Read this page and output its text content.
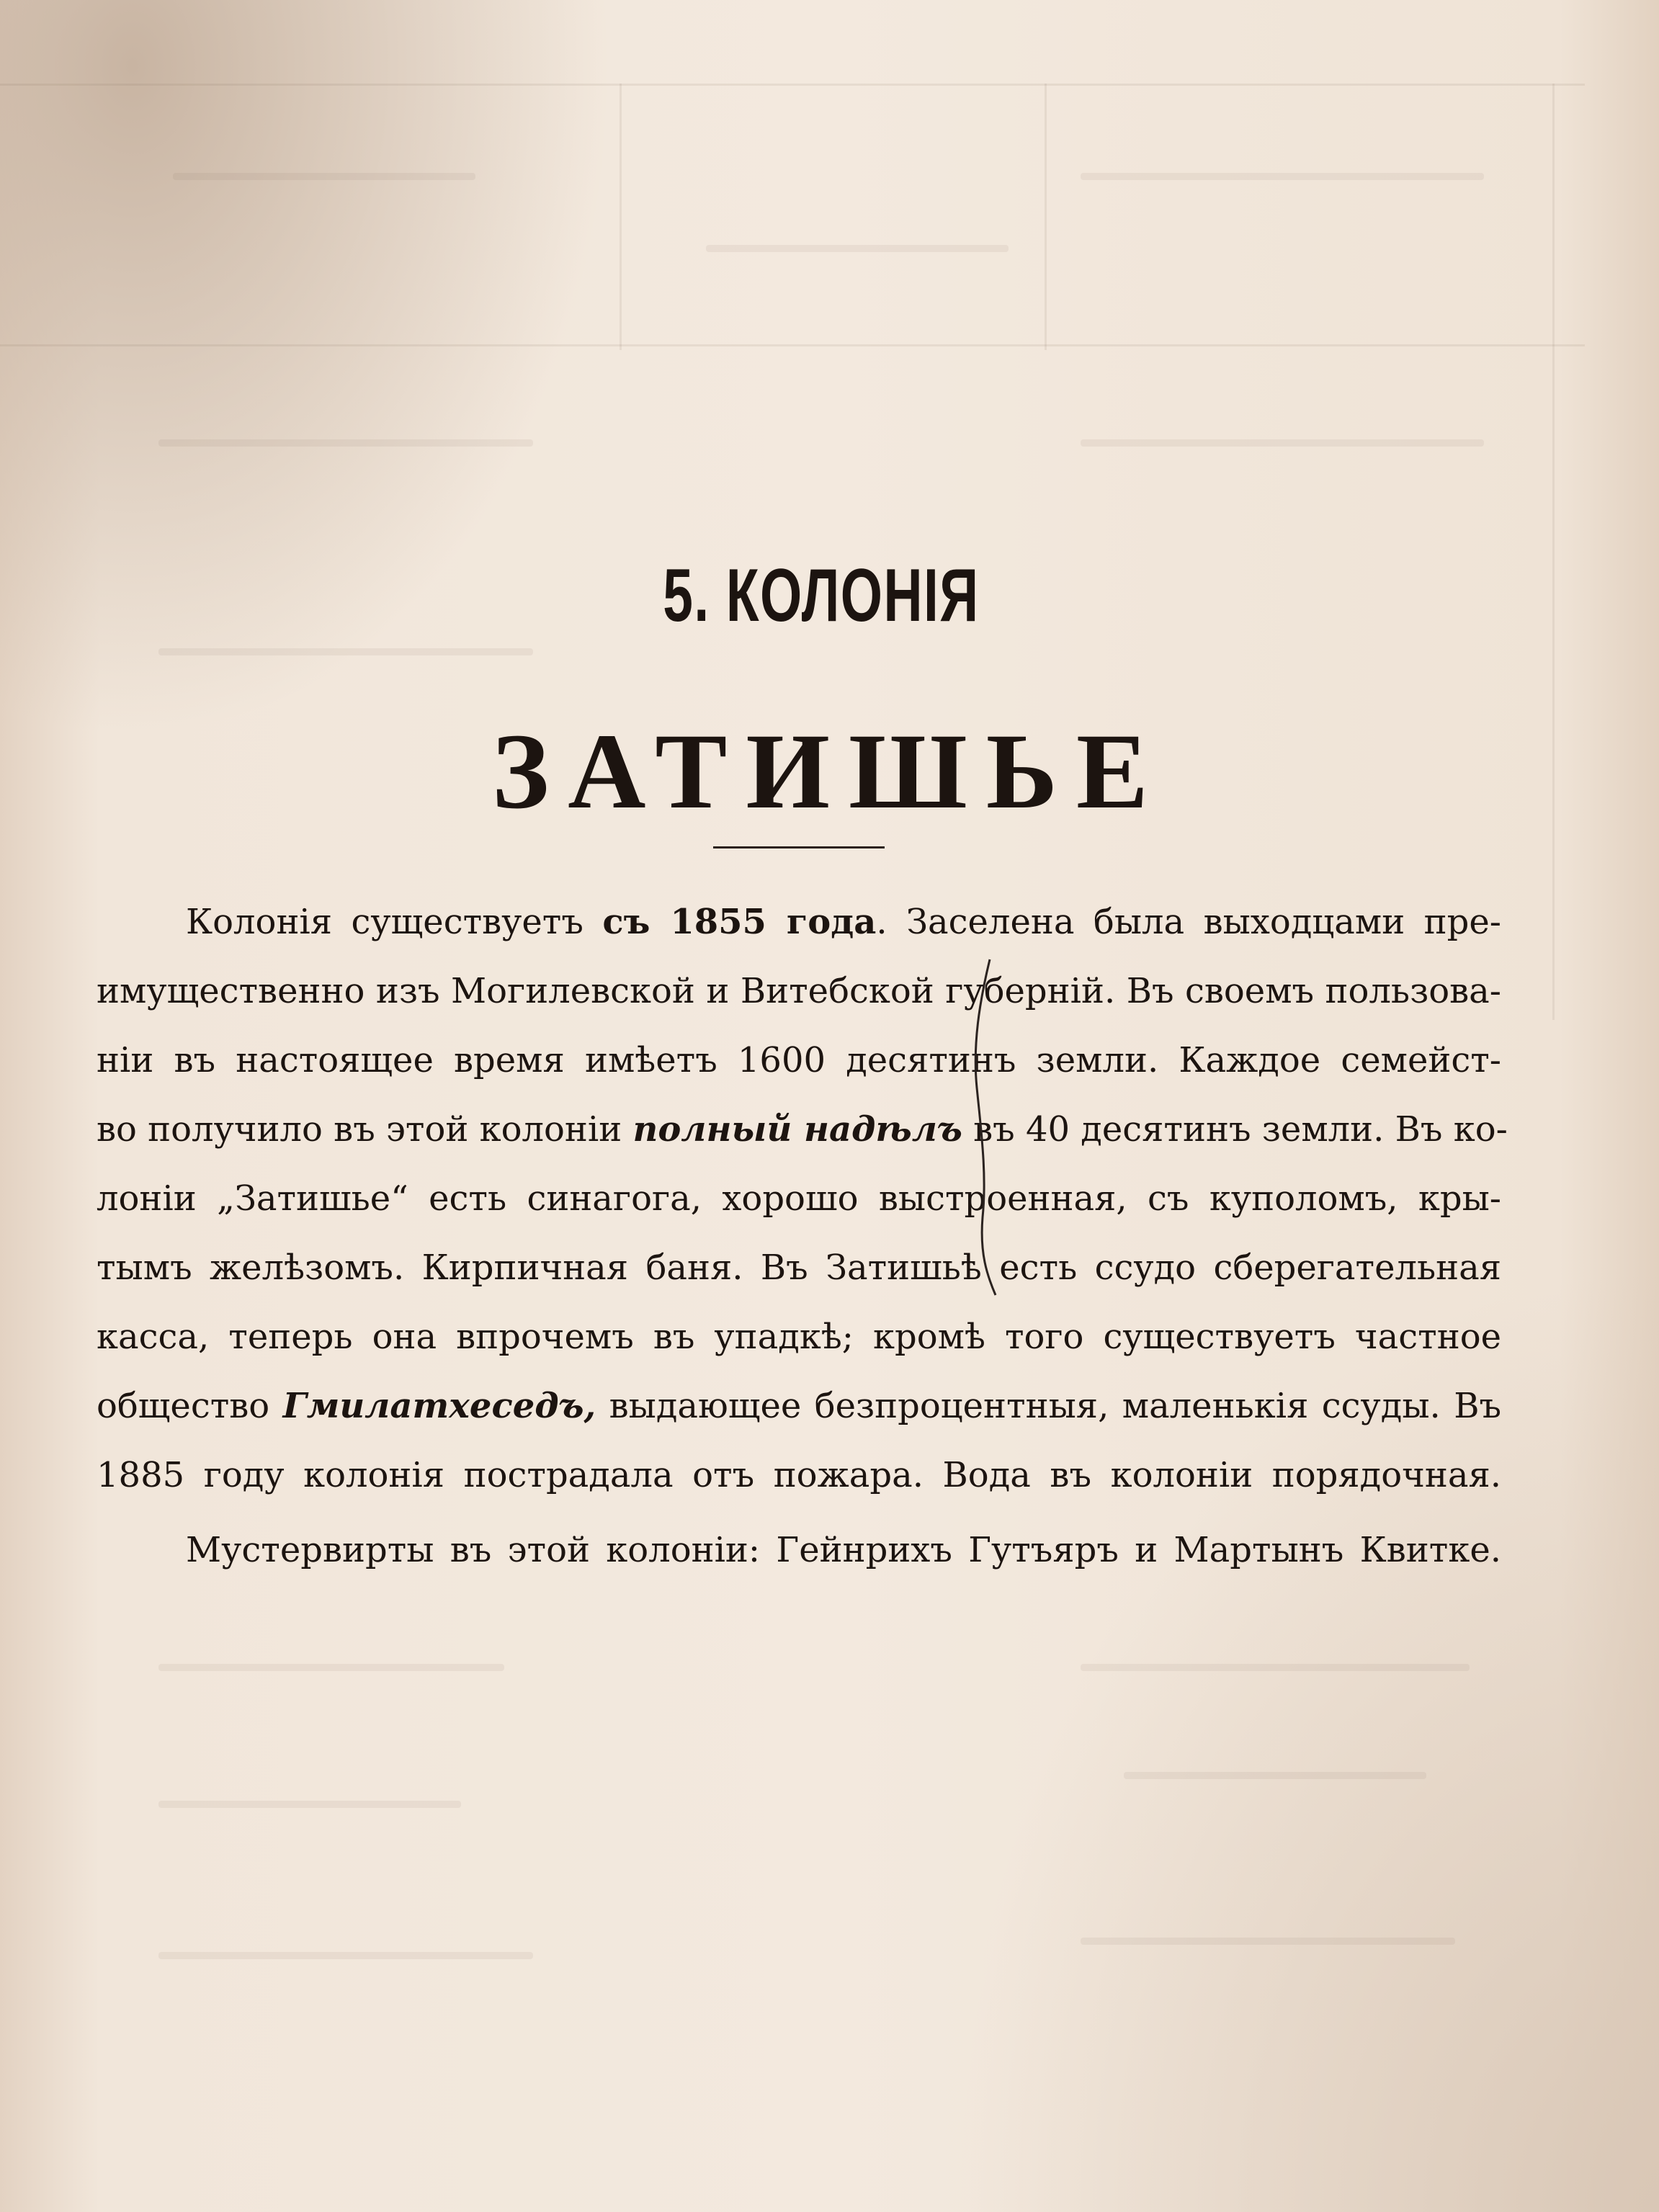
5. КОЛОНІЯ
ЗАТИШЬЕ
Колонія существуетъ съ 1855 года. Заселена была выходцами пре-
имущественно изъ Могилевской и Витебской губерній. Въ своемъ пользова-
ніи въ настоящее время имѣетъ 1600 десятинъ земли. Каждое семейст-
во получило въ этой колоніи полный надѣлъ въ 40 десятинъ земли. Въ ко-
лоніи „Затишье“ есть синагога, хорошо выстроенная, съ куполомъ, кры-
тымъ желѣзомъ. Кирпичная баня. Въ Затишьѣ есть ссудо сберегательная
касса, теперь она впрочемъ въ упадкѣ; кромѣ того существуетъ частное
общество Гмилатхеседъ, выдающее безпроцентныя, маленькія ссуды. Въ
1885 году колонія пострадала отъ пожара. Вода въ колоніи порядочная.
Мустервирты въ этой колоніи: Гейнрихъ Гутъяръ и Мартынъ Квитке.
